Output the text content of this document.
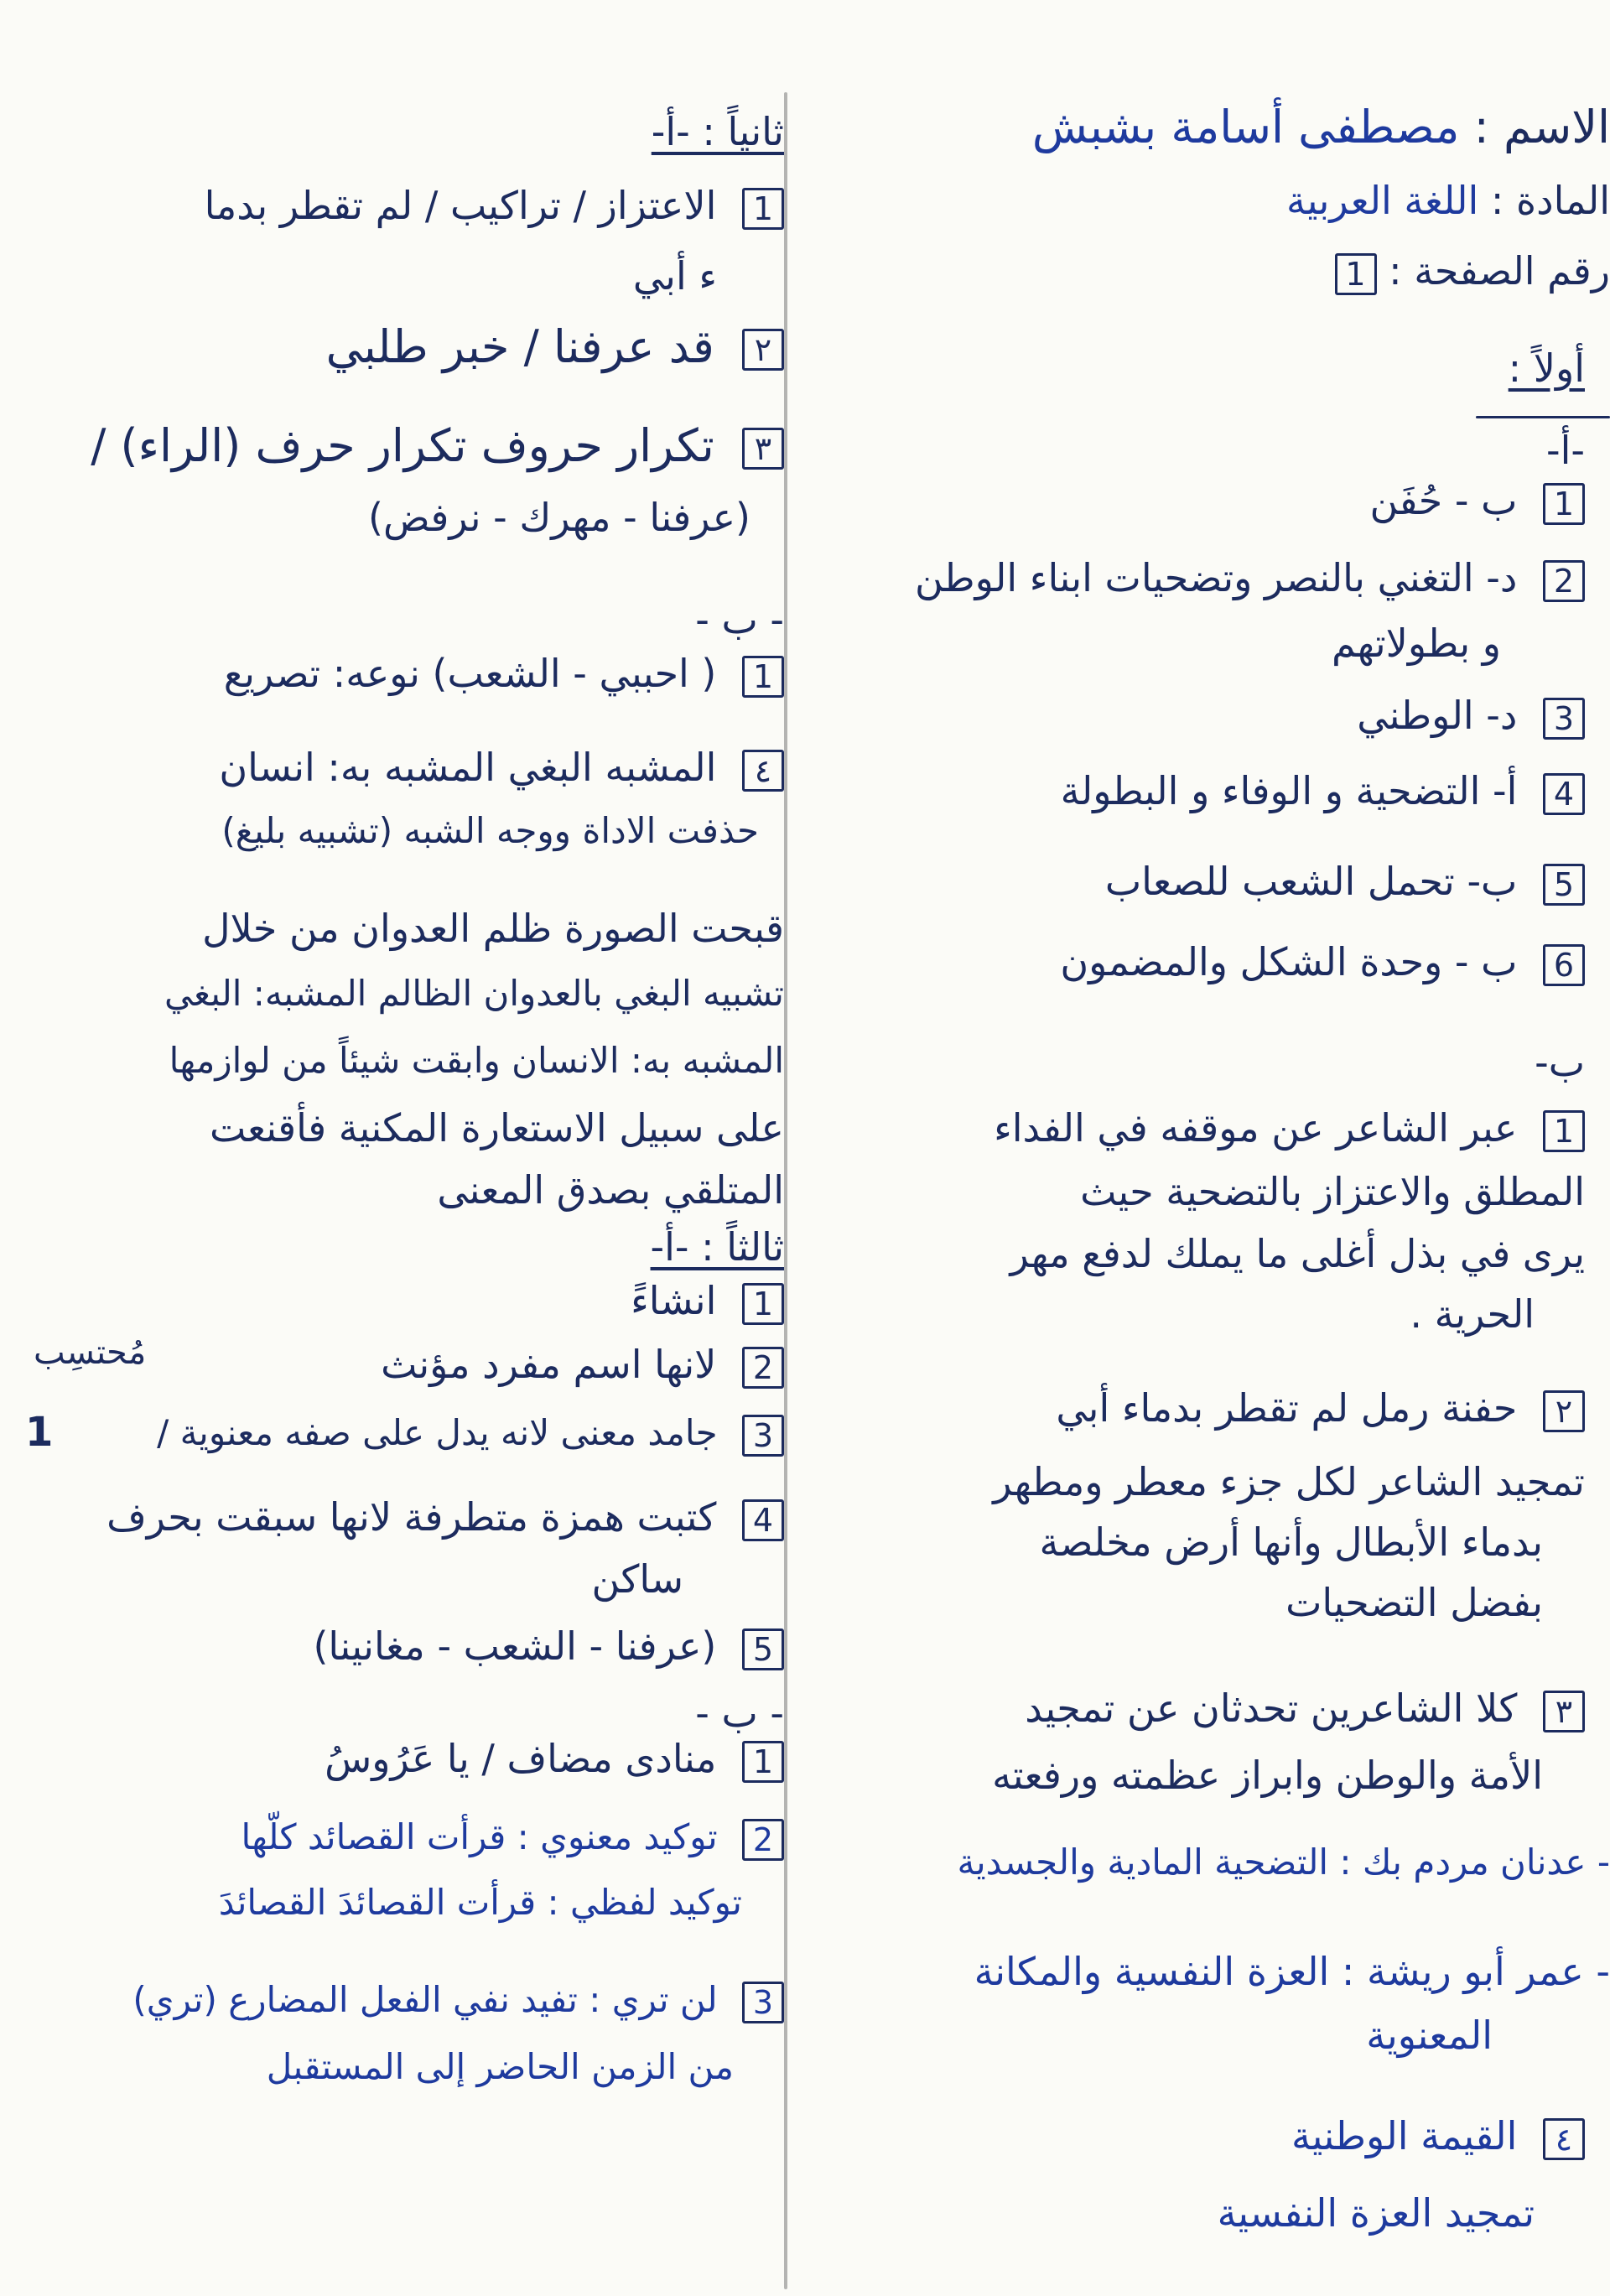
الاسم : مصطفى أسامة بشبش
المادة : اللغة العربية
رقم الصفحة : 1
أولاً :
-أ-
1 ب - حُفَن
2 د- التغني بالنصر وتضحيات ابناء الوطن
و بطولاتهم
3 د- الوطني
4 أ- التضحية و الوفاء و البطولة
5 ب- تحمل الشعب للصعاب
6 ب - وحدة الشكل والمضمون
ب-
1 عبر الشاعر عن موقفه في الفداء
المطلق والاعتزاز بالتضحية حيث
يرى في بذل أغلى ما يملك لدفع مهر
الحرية .
٢ حفنة رمل لم تقطر بدماء أبي
تمجيد الشاعر لكل جزء معطر ومطهر
بدماء الأبطال وأنها أرض مخلصة
بفضل التضحيات
٣ كلا الشاعرين تحدثان عن تمجيد
الأمة والوطن وابراز عظمته ورفعته
- عدنان مردم بك : التضحية المادية والجسدية
- عمر أبو ريشة : العزة النفسية والمكانة
المعنوية
٤ القيمة الوطنية
تمجيد العزة النفسية
ثانياً : -أ-
1 الاعتزاز / تراكيب / لم تقطر بدما
ء أبي
٢ قد عرفنا / خبر طلبي
٣ تكرار حروف تكرار حرف (الراء) /
(عرفنا - مهرك - نرفض)
- ب -
1 ( احببي - الشعب) نوعه: تصريع
٤ المشبه البغي المشبه به: انسان
حذفت الاداة ووجه الشبه (تشبيه بليغ)
قبحت الصورة ظلم العدوان من خلال
تشبيه البغي بالعدوان الظالم المشبه: البغي
المشبه به: الانسان وابقت شيئاً من لوازمها
على سبيل الاستعارة المكنية فأقنعت
المتلقي بصدق المعنى
ثالثاً : -أ-
1 انشاءً
2 لانها اسم مفرد مؤنث
مُحتسِب
3 جامد معنى لانه يدل على صفه معنوية /
1
4 كتبت همزة متطرفة لانها سبقت بحرف
ساكن
5 (عرفنا - الشعب - مغانينا)
- ب -
1 منادى مضاف / يا عَرُوسُ
2 توكيد معنوي : قرأت القصائد كلّها
توكيد لفظي : قرأت القصائدَ القصائدَ
3 لن تري : تفيد نفي الفعل المضارع (تري)
من الزمن الحاضر إلى المستقبل
